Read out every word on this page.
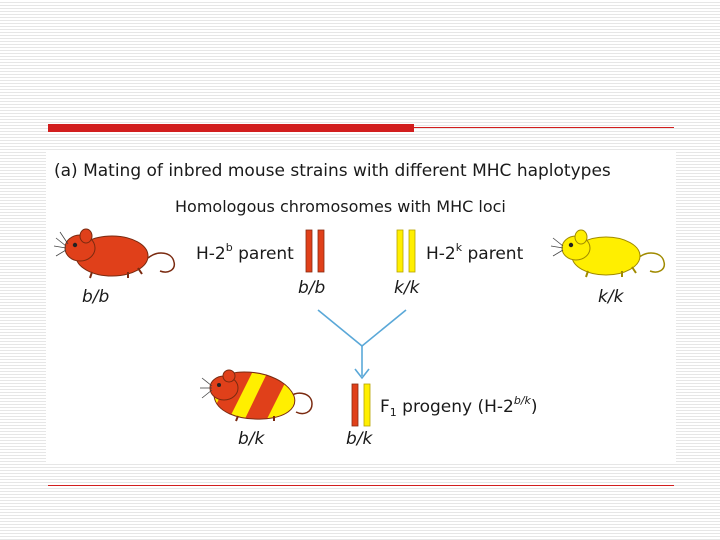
(a) Mating of inbred mouse strains with different MHC haplotypes
Homologous chromosomes with MHC loci
b/b
H-2$^b$ parent
b/b	k/k
H-2$^k$ parent
k/k
b/k	b/k
$F_1$ progeny $(H-2^{b/k})$
